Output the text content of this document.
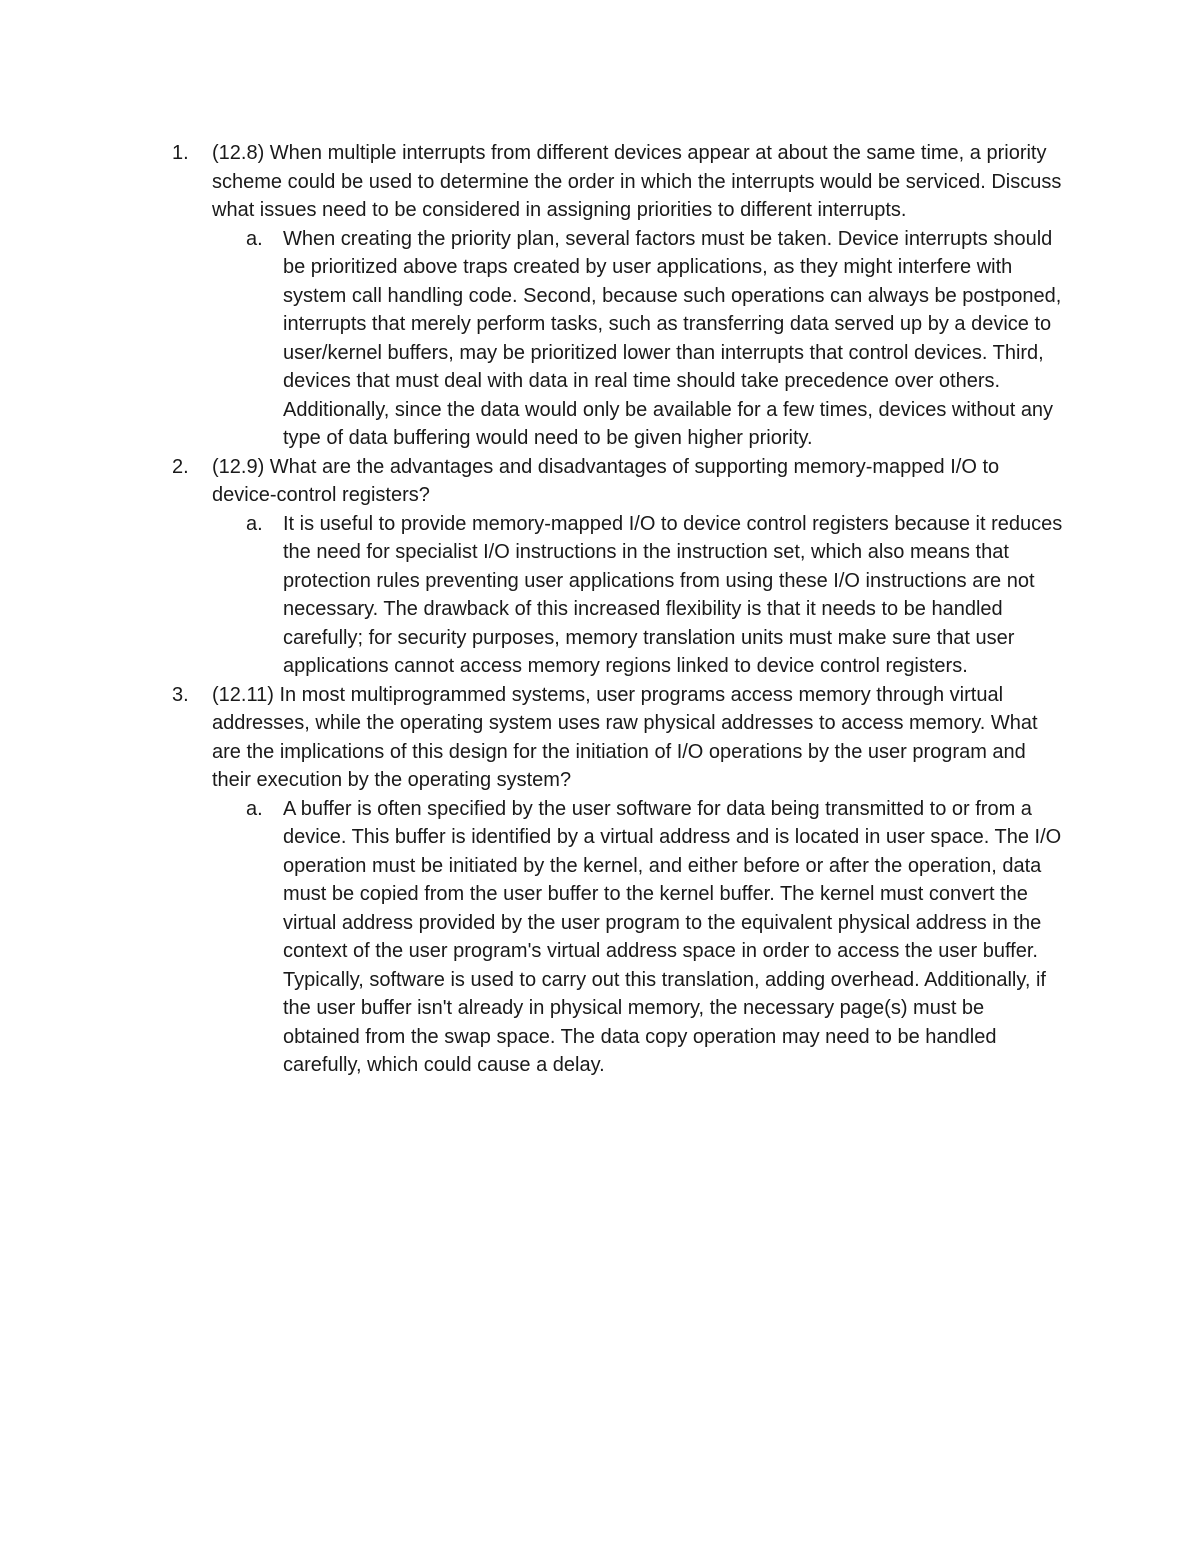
1. (12.8) When multiple interrupts from different devices appear at about the same time, a priority scheme could be used to determine the order in which the interrupts would be serviced. Discuss what issues need to be considered in assigning priorities to different interrupts.
a. When creating the priority plan, several factors must be taken. Device interrupts should be prioritized above traps created by user applications, as they might interfere with system call handling code. Second, because such operations can always be postponed, interrupts that merely perform tasks, such as transferring data served up by a device to user/kernel buffers, may be prioritized lower than interrupts that control devices. Third, devices that must deal with data in real time should take precedence over others. Additionally, since the data would only be available for a few times, devices without any type of data buffering would need to be given higher priority.
2. (12.9) What are the advantages and disadvantages of supporting memory-mapped I/O to device-control registers?
a. It is useful to provide memory-mapped I/O to device control registers because it reduces the need for specialist I/O instructions in the instruction set, which also means that protection rules preventing user applications from using these I/O instructions are not necessary. The drawback of this increased flexibility is that it needs to be handled carefully; for security purposes, memory translation units must make sure that user applications cannot access memory regions linked to device control registers.
3. (12.11) In most multiprogrammed systems, user programs access memory through virtual addresses, while the operating system uses raw physical addresses to access memory. What are the implications of this design for the initiation of I/O operations by the user program and their execution by the operating system?
a. A buffer is often specified by the user software for data being transmitted to or from a device. This buffer is identified by a virtual address and is located in user space. The I/O operation must be initiated by the kernel, and either before or after the operation, data must be copied from the user buffer to the kernel buffer. The kernel must convert the virtual address provided by the user program to the equivalent physical address in the context of the user program's virtual address space in order to access the user buffer. Typically, software is used to carry out this translation, adding overhead. Additionally, if the user buffer isn't already in physical memory, the necessary page(s) must be obtained from the swap space. The data copy operation may need to be handled carefully, which could cause a delay.
